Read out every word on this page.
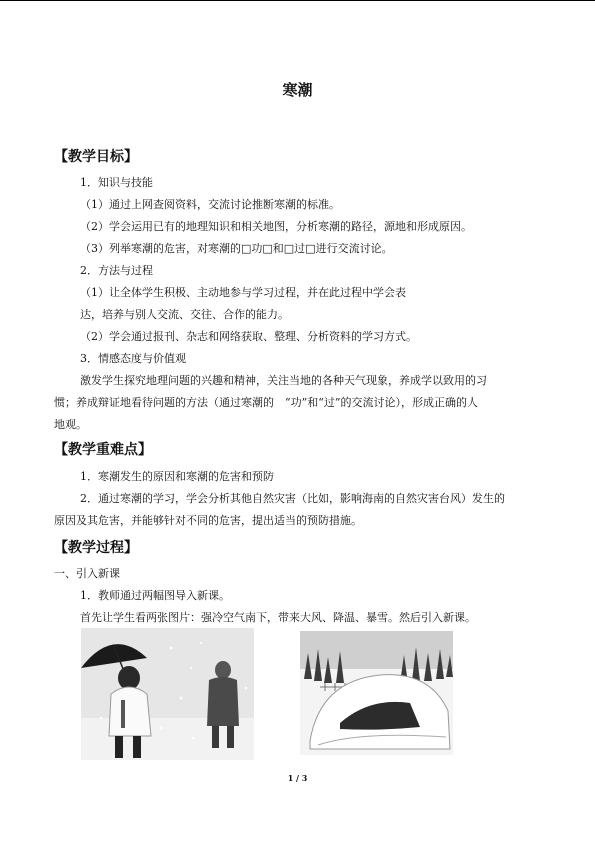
寒潮
【教学目标】
1．知识与技能
（1）通过上网查阅资料，交流讨论推断寒潮的标准。
（2）学会运用已有的地理知识和相关地图，分析寒潮的路径，源地和形成原因。
（3）列举寒潮的危害，对寒潮的□功□和□过□进行交流讨论。
2．方法与过程
（1）让全体学生积极、主动地参与学习过程，并在此过程中学会表
达，培养与别人交流、交往、合作的能力。
（2）学会通过报刊、杂志和网络获取、整理、分析资料的学习方式。
3．情感态度与价值观
激发学生探究地理问题的兴趣和精神，关注当地的各种天气现象，养成学以致用的习
惯；养成辩证地看待问题的方法（通过寒潮的　“功”和“过”的交流讨论），形成正确的人
地观。
【教学重难点】
1．寒潮发生的原因和寒潮的危害和预防
2．通过寒潮的学习，学会分析其他自然灾害（比如，影响海南的自然灾害台风）发生的
原因及其危害，并能够针对不同的危害，提出适当的预防措施。
【教学过程】
一、引入新课
1．教师通过两幅图导入新课。
首先让学生看两张图片：强冷空气南下，带来大风、降温、暴雪。然后引入新课。
1 / 3
